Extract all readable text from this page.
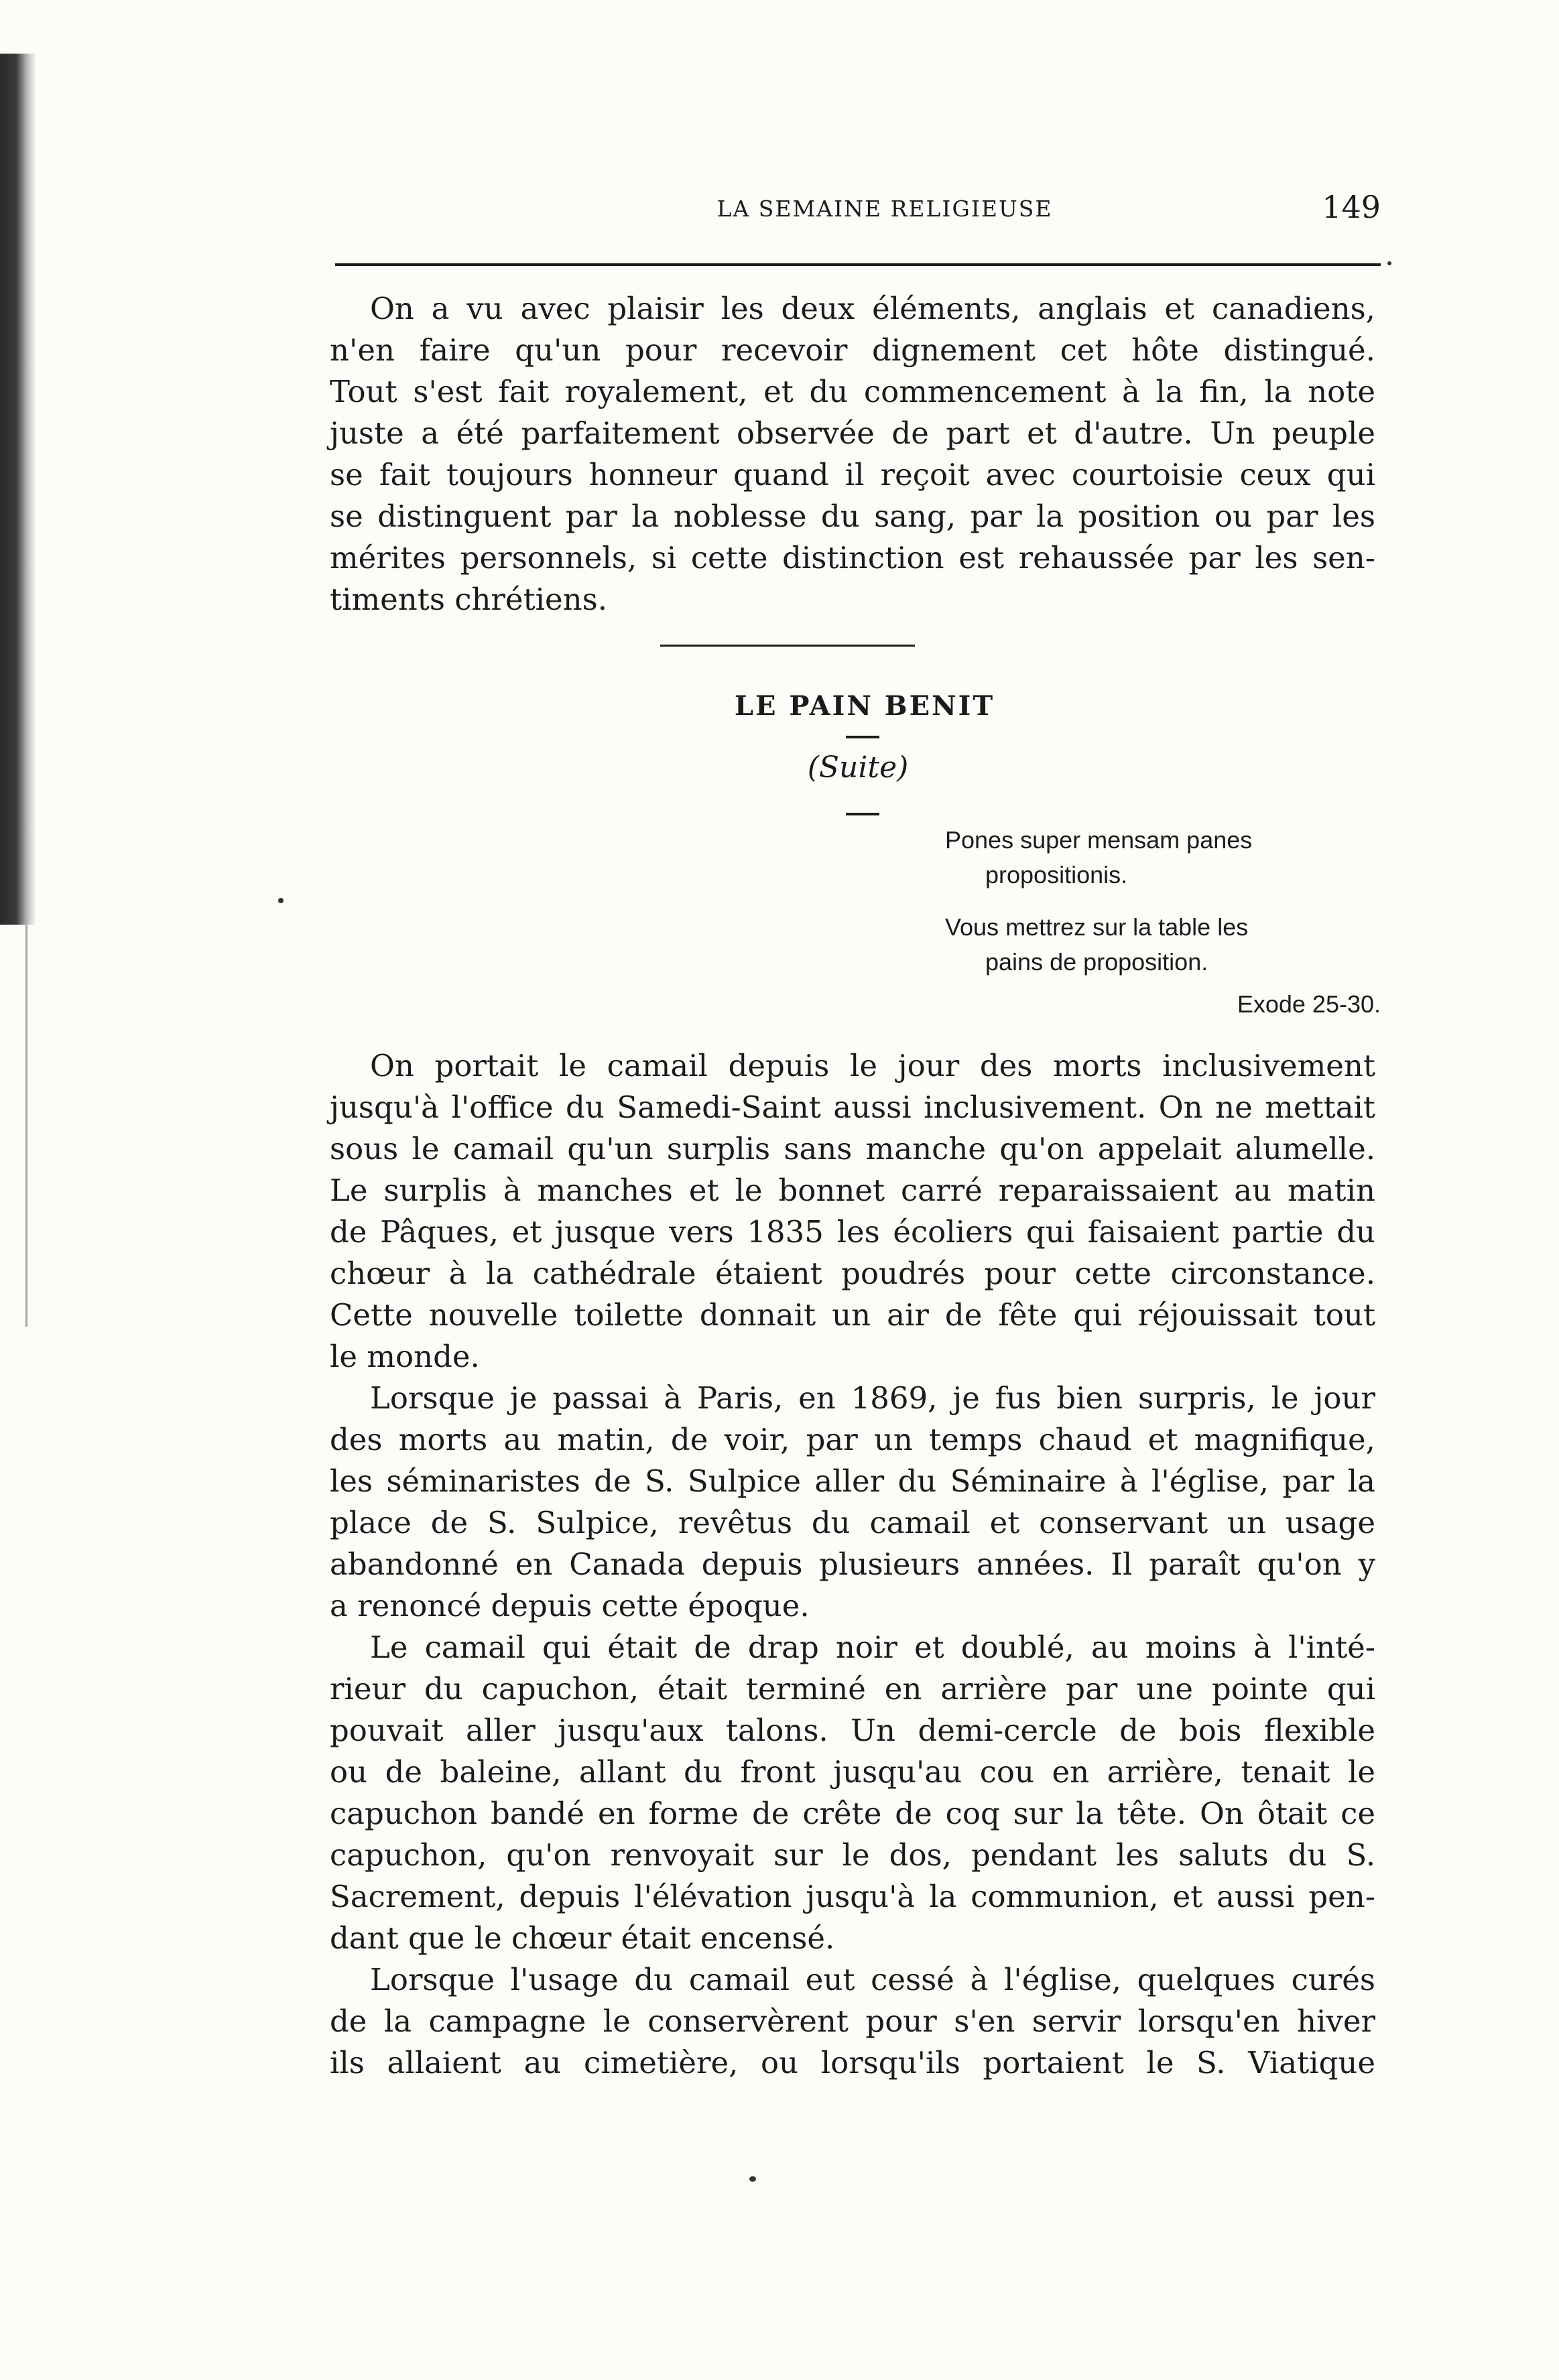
LA SEMAINE RELIGIEUSE	149

On a vu avec plaisir les deux éléments, anglais et canadiens,
n'en faire qu'un pour recevoir dignement cet hôte distingué.
Tout s'est fait royalement, et du commencement à la fin, la note
juste a été parfaitement observée de part et d'autre. Un peuple
se fait toujours honneur quand il reçoit avec courtoisie ceux qui
se distinguent par la noblesse du sang, par la position ou par les
mérites personnels, si cette distinction est rehaussée par les sen-
timents chrétiens.

LE PAIN BENIT
(Suite)

Pones super mensam panes
propositionis.

Vous mettrez sur la table les
pains de proposition.

Exode 25-30.

On portait le camail depuis le jour des morts inclusivement
jusqu'à l'office du Samedi-Saint aussi inclusivement. On ne mettait
sous le camail qu'un surplis sans manche qu'on appelait alumelle.
Le surplis à manches et le bonnet carré reparaissaient au matin
de Pâques, et jusque vers 1835 les écoliers qui faisaient partie du
chœur à la cathédrale étaient poudrés pour cette circonstance.
Cette nouvelle toilette donnait un air de fête qui réjouissait tout
le monde.

Lorsque je passai à Paris, en 1869, je fus bien surpris, le jour
des morts au matin, de voir, par un temps chaud et magnifique,
les séminaristes de S. Sulpice aller du Séminaire à l'église, par la
place de S. Sulpice, revêtus du camail et conservant un usage
abandonné en Canada depuis plusieurs années. Il paraît qu'on y
a renoncé depuis cette époque.

Le camail qui était de drap noir et doublé, au moins à l'inté-
rieur du capuchon, était terminé en arrière par une pointe qui
pouvait aller jusqu'aux talons. Un demi-cercle de bois flexible
ou de baleine, allant du front jusqu'au cou en arrière, tenait le
capuchon bandé en forme de crête de coq sur la tête. On ôtait ce
capuchon, qu'on renvoyait sur le dos, pendant les saluts du S.
Sacrement, depuis l'élévation jusqu'à la communion, et aussi pen-
dant que le chœur était encensé.

Lorsque l'usage du camail eut cessé à l'église, quelques curés
de la campagne le conservèrent pour s'en servir lorsqu'en hiver
ils allaient au cimetière, ou lorsqu'ils portaient le S. Viatique
